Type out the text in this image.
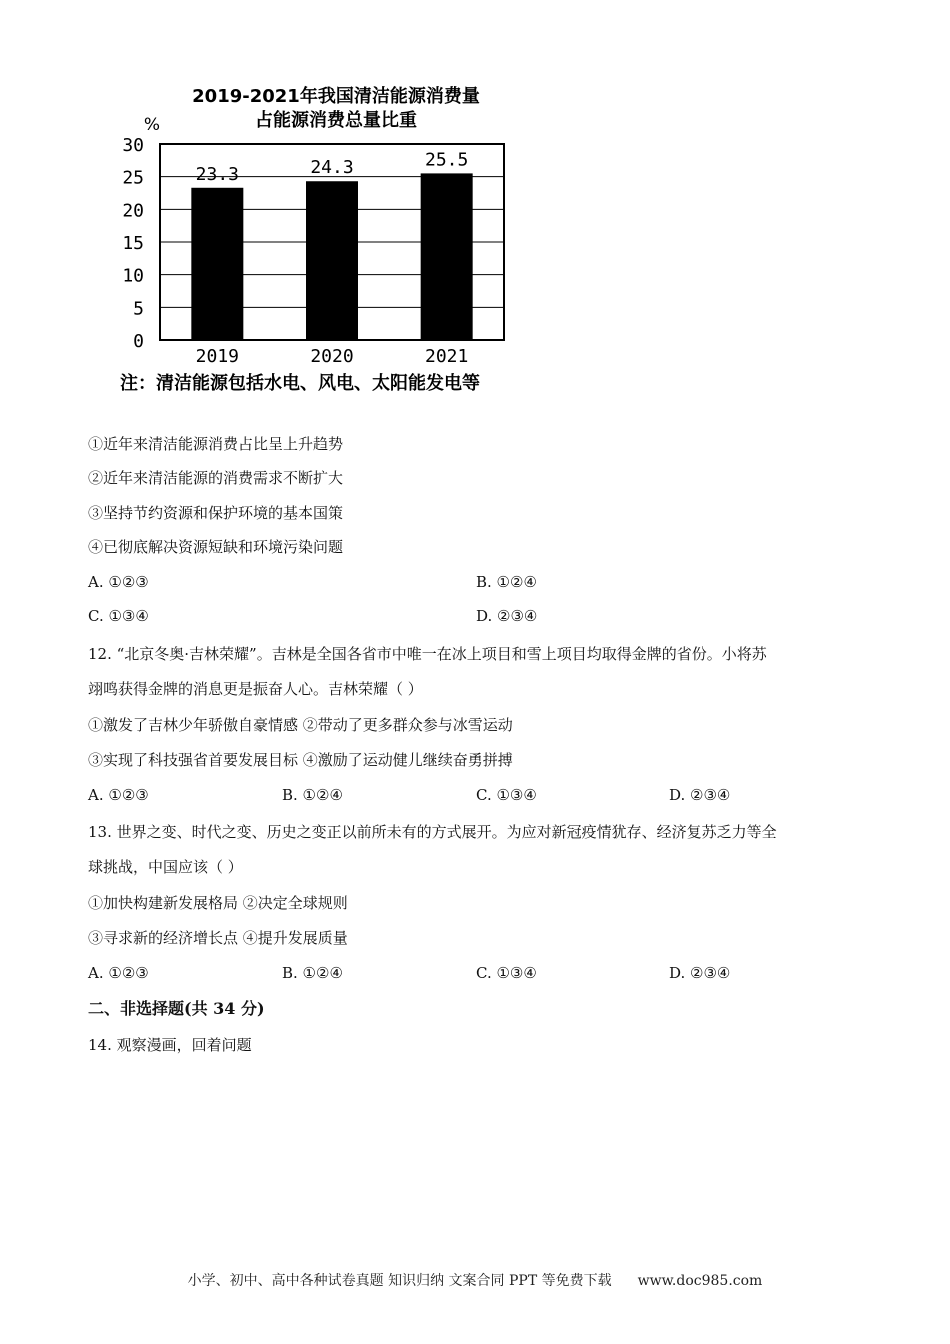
2019-2021年我国清洁能源消费量
占能源消费总量比重
%
0
5
10
15
20
25
30
23.3	24.3	25.5
2019	2020	2021
注：清洁能源包括水电、风电、太阳能发电等
①近年来清洁能源消费占比呈上升趋势
②近年来清洁能源的消费需求不断扩大
③坚持节约资源和保护环境的基本国策
④已彻底解决资源短缺和环境污染问题
A. ①②③	B. ①②④
C. ①③④	D. ②③④
12. “北京冬奥·吉林荣耀”。吉林是全国各省市中唯一在冰上项目和雪上项目均取得金牌的省份。小将苏
翊鸣获得金牌的消息更是振奋人心。吉林荣耀（ ）
①激发了吉林少年骄傲自豪情感 ②带动了更多群众参与冰雪运动
③实现了科技强省首要发展目标 ④激励了运动健儿继续奋勇拼搏
A. ①②③	B. ①②④	C. ①③④	D. ②③④
13. 世界之变、时代之变、历史之变正以前所未有的方式展开。为应对新冠疫情犹存、经济复苏乏力等全
球挑战，中国应该（ ）
①加快构建新发展格局 ②决定全球规则
③寻求新的经济增长点 ④提升发展质量
A. ①②③	B. ①②④	C. ①③④	D. ②③④
二、非选择题(共 34 分)
14. 观察漫画，回着问题
小学、初中、高中各种试卷真题 知识归纳 文案合同 PPT 等免费下载 www.doc985.com
